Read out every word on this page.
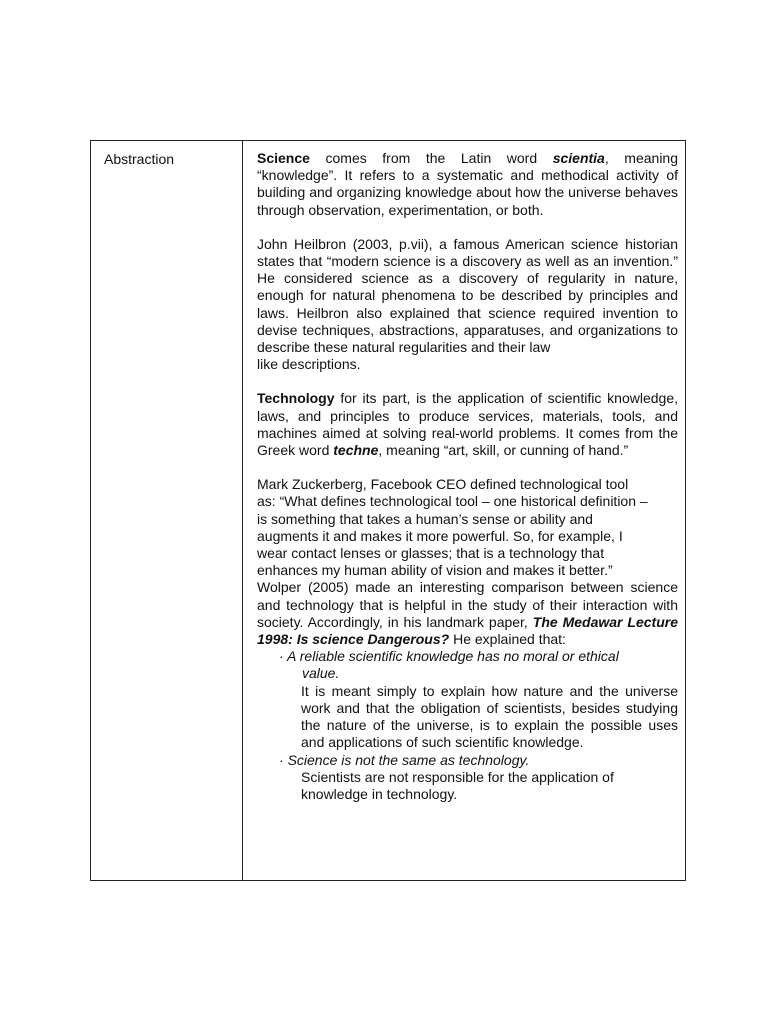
Abstraction	Science comes from the Latin word scientia, meaning “knowledge”. It refers to a systematic and methodical activity of building and organizing knowledge about how the universe behaves through observation, experimentation, or both.

John Heilbron (2003, p.vii), a famous American science historian states that “modern science is a discovery as well as an invention.” He considered science as a discovery of regularity in nature, enough for natural phenomena to be described by principles and laws. Heilbron also explained that science required invention to devise techniques, abstractions, apparatuses, and organizations to describe these natural regularities and their law

like descriptions.

Technology for its part, is the application of scientific knowledge, laws, and principles to produce services, materials, tools, and machines aimed at solving real-world problems. It comes from the Greek word techne, meaning “art, skill, or cunning of hand.”

Mark Zuckerberg, Facebook CEO defined technological tool
as: “What defines technological tool – one historical definition –
is something that takes a human’s sense or ability and
augments it and makes it more powerful. So, for example, I
wear contact lenses or glasses; that is a technology that
enhances my human ability of vision and makes it better.”

Wolper (2005) made an interesting comparison between science and technology that is helpful in the study of their interaction with society. Accordingly, in his landmark paper, The Medawar Lecture 1998: Is science Dangerous? He explained that:

· A reliable scientific knowledge has no moral or ethical
value.

It is meant simply to explain how nature and the universe work and that the obligation of scientists, besides studying the nature of the universe, is to explain the possible uses and applications of such scientific knowledge.

· Science is not the same as technology.

Scientists are not responsible for the application of knowledge in technology.
